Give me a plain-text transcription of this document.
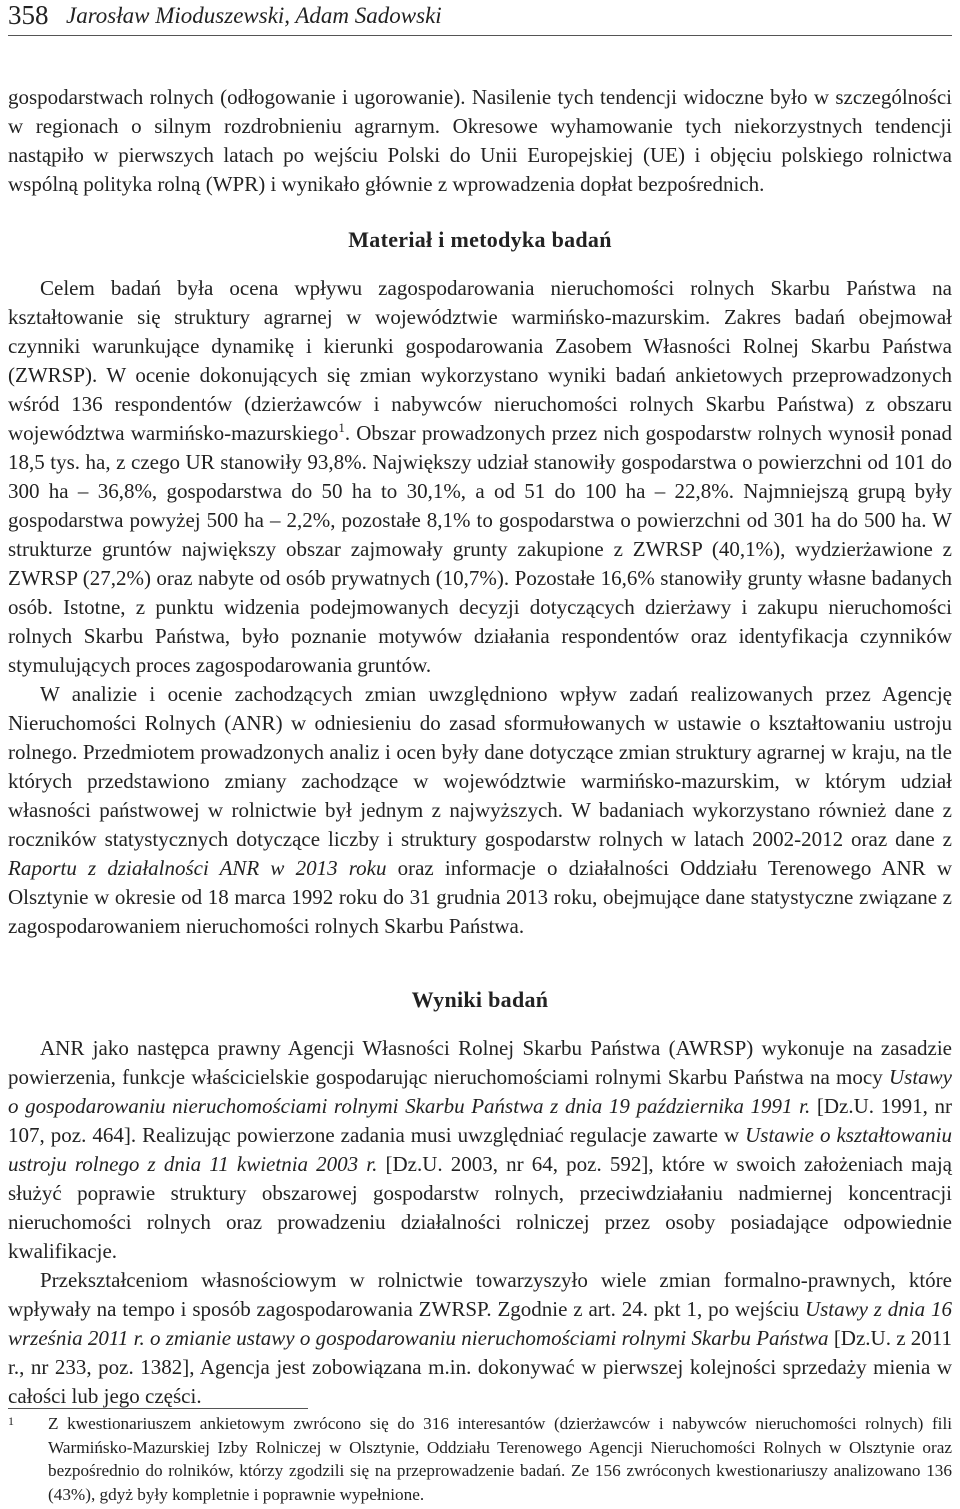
358 Jarosław Mioduszewski, Adam Sadowski

gospodarstwach rolnych (odłogowanie i ugorowanie). Nasilenie tych tendencji widoczne było w szczególności w regionach o silnym rozdrobnieniu agrarnym. Okresowe wyhamowanie tych niekorzystnych tendencji nastąpiło w pierwszych latach po wejściu Polski do Unii Europejskiej (UE) i objęciu polskiego rolnictwa wspólną polityka rolną (WPR) i wynikało głównie z wprowadzenia dopłat bezpośrednich.

Materiał i metodyka badań

Celem badań była ocena wpływu zagospodarowania nieruchomości rolnych Skarbu Państwa na kształtowanie się struktury agrarnej w województwie warmińsko-mazurskim. Zakres badań obejmował czynniki warunkujące dynamikę i kierunki gospodarowania Zasobem Własności Rolnej Skarbu Państwa (ZWRSP). W ocenie dokonujących się zmian wykorzystano wyniki badań ankietowych przeprowadzonych wśród 136 respondentów (dzierżawców i nabywców nieruchomości rolnych Skarbu Państwa) z obszaru województwa warmińsko-mazurskiego$^1$. Obszar prowadzonych przez nich gospodarstw rolnych wynosił ponad 18,5 tys. ha, z czego UR stanowiły 93,8%. Największy udział stanowiły gospodarstwa o powierzchni od 101 do 300 ha – 36,8%, gospodarstwa do 50 ha to 30,1%, a od 51 do 100 ha – 22,8%. Najmniejszą grupą były gospodarstwa powyżej 500 ha – 2,2%, pozostałe 8,1% to gospodarstwa o powierzchni od 301 ha do 500 ha. W strukturze gruntów największy obszar zajmowały grunty zakupione z ZWRSP (40,1%), wydzierżawione z ZWRSP (27,2%) oraz nabyte od osób prywatnych (10,7%). Pozostałe 16,6% stanowiły grunty własne badanych osób. Istotne, z punktu widzenia podejmowanych decyzji dotyczących dzierżawy i zakupu nieruchomości rolnych Skarbu Państwa, było poznanie motywów działania respondentów oraz identyfikacja czynników stymulujących proces zagospodarowania gruntów.

W analizie i ocenie zachodzących zmian uwzględniono wpływ zadań realizowanych przez Agencję Nieruchomości Rolnych (ANR) w odniesieniu do zasad sformułowanych w ustawie o kształtowaniu ustroju rolnego. Przedmiotem prowadzonych analiz i ocen były dane dotyczące zmian struktury agrarnej w kraju, na tle których przedstawiono zmiany zachodzące w województwie warmińsko-mazurskim, w którym udział własności państwowej w rolnictwie był jednym z najwyższych. W badaniach wykorzystano również dane z roczników statystycznych dotyczące liczby i struktury gospodarstw rolnych w latach 2002-2012 oraz dane z Raportu z działalności ANR w 2013 roku oraz informacje o działalności Oddziału Terenowego ANR w Olsztynie w okresie od 18 marca 1992 roku do 31 grudnia 2013 roku, obejmujące dane statystyczne związane z zagospodarowaniem nieruchomości rolnych Skarbu Państwa.

Wyniki badań

ANR jako następca prawny Agencji Własności Rolnej Skarbu Państwa (AWRSP) wykonuje na zasadzie powierzenia, funkcje właścicielskie gospodarując nieruchomościami rolnymi Skarbu Państwa na mocy Ustawy o gospodarowaniu nieruchomościami rolnymi Skarbu Państwa z dnia 19 października 1991 r. [Dz.U. 1991, nr 107, poz. 464]. Realizując powierzone zadania musi uwzględniać regulacje zawarte w Ustawie o kształtowaniu ustroju rolnego z dnia 11 kwietnia 2003 r. [Dz.U. 2003, nr 64, poz. 592], które w swoich założeniach mają służyć poprawie struktury obszarowej gospodarstw rolnych, przeciwdziałaniu nadmiernej koncentracji nieruchomości rolnych oraz prowadzeniu działalności rolniczej przez osoby posiadające odpowiednie kwalifikacje.

Przekształceniom własnościowym w rolnictwie towarzyszyło wiele zmian formalno-prawnych, które wpływały na tempo i sposób zagospodarowania ZWRSP. Zgodnie z art. 24. pkt 1, po wejściu Ustawy z dnia 16 września 2011 r. o zmianie ustawy o gospodarowaniu nieruchomościami rolnymi Skarbu Państwa [Dz.U. z 2011 r., nr 233, poz. 1382], Agencja jest zobowiązana m.in. dokonywać w pierwszej kolejności sprzedaży mienia w całości lub jego części.

1 Z kwestionariuszem ankietowym zwrócono się do 316 interesantów (dzierżawców i nabywców nieruchomości rolnych) fili Warmińsko-Mazurskiej Izby Rolniczej w Olsztynie, Oddziału Terenowego Agencji Nieruchomości Rolnych w Olsztynie oraz bezpośrednio do rolników, którzy zgodzili się na przeprowadzenie badań. Ze 156 zwróconych kwestionariuszy analizowano 136 (43%), gdyż były kompletnie i poprawnie wypełnione.
